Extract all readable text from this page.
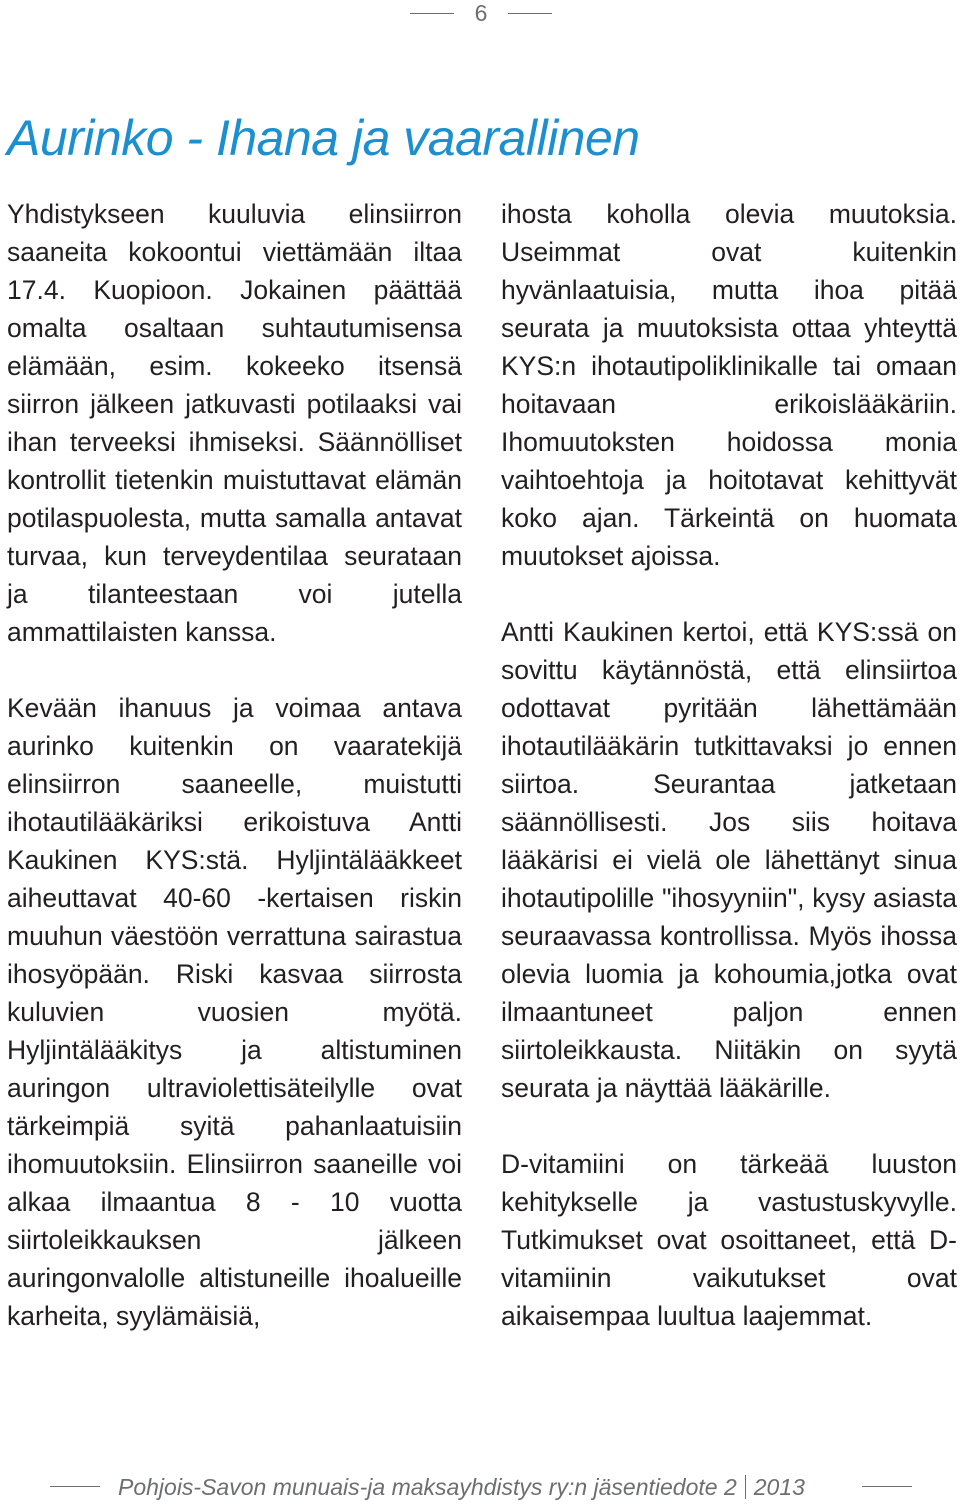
6
Aurinko - Ihana ja vaarallinen

Yhdistykseen kuuluvia elinsiirron saaneita kokoontui viettämään iltaa 17.4. Kuopioon. Jokainen päättää omalta osaltaan suhtautumisensa elämään, esim. kokeeko itsensä siirron jälkeen jatkuvasti potilaaksi vai ihan terveeksi ihmiseksi. Säännölliset kontrollit tietenkin muistuttavat elämän potilaspuolesta, mutta samalla antavat turvaa, kun terveydentilaa seurataan ja tilanteestaan voi jutella ammattilaisten kanssa.

Kevään ihanuus ja voimaa antava aurinko kuitenkin on vaaratekijä elinsiirron saaneelle, muistutti ihotautilääkäriksi erikoistuva Antti Kaukinen KYS:stä. Hyljintälääkkeet aiheuttavat 40-60 -kertaisen riskin muuhun väestöön verrattuna sairastua ihosyöpään. Riski kasvaa siirrosta kuluvien vuosien myötä. Hyljintälääkitys ja altistuminen auringon ultraviolettisäteilylle ovat tärkeimpiä syitä pahanlaatuisiin ihomuutoksiin. Elinsiirron saaneille voi alkaa ilmaantua 8 - 10 vuotta siirtoleikkauksen jälkeen auringonvalolle altistuneille ihoalueille karheita, syylämäisiä,

ihosta koholla olevia muutoksia. Useimmat ovat kuitenkin hyvänlaatuisia, mutta ihoa pitää seurata ja muutoksista ottaa yhteyttä KYS:n ihotautipoliklinikalle tai omaan hoitavaan erikoislääkäriin. Ihomuutoksten hoidossa monia vaihtoehtoja ja hoitotavat kehittyvät koko ajan. Tärkeintä on huomata muutokset ajoissa.

Antti Kaukinen kertoi, että KYS:ssä on sovittu käytännöstä, että elinsiirtoa odottavat pyritään lähettämään ihotautilääkärin tutkittavaksi jo ennen siirtoa. Seurantaa jatketaan säännöllisesti. Jos siis hoitava lääkärisi ei vielä ole lähettänyt sinua ihotautipolille "ihosyyniin", kysy asiasta seuraavassa kontrollissa. Myös ihossa olevia luomia ja kohoumia,jotka ovat ilmaantuneet paljon ennen siirtoleikkausta. Niitäkin on syytä seurata ja näyttää lääkärille.

D-vitamiini on tärkeää luuston kehitykselle ja vastustuskyvylle. Tutkimukset ovat osoittaneet, että D-vitamiinin vaikutukset ovat aikaisempaa luultua laajemmat.

Pohjois-Savon munuais-ja maksayhdistys ry:n jäsentiedote 2 2013
